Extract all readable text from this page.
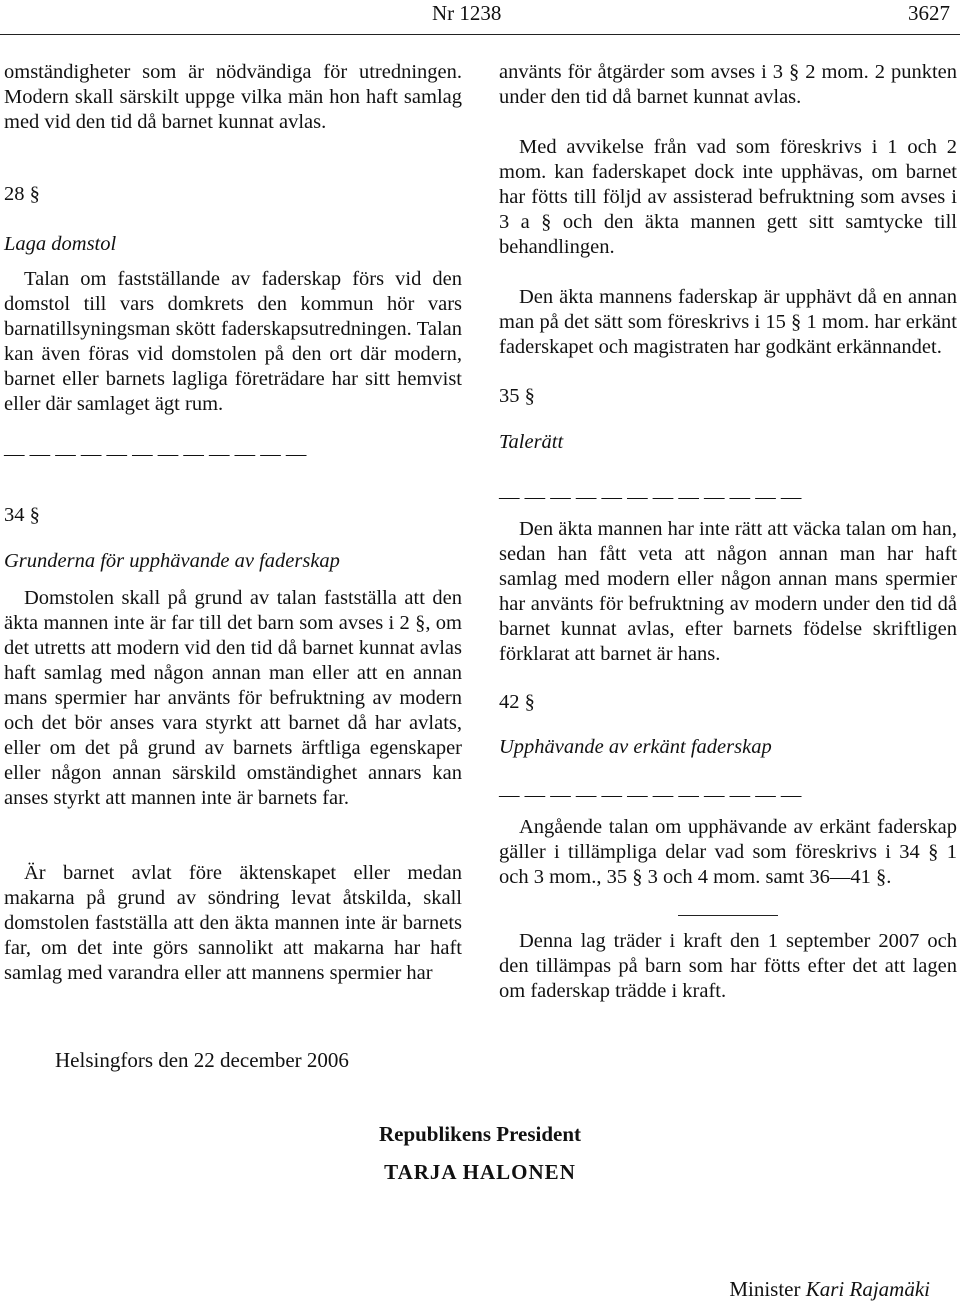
Nr 1238	3627

omständigheter som är nödvändiga för utredningen. Modern skall särskilt uppge vilka män hon haft samlag med vid den tid då barnet kunnat avlas.

28 §

Laga domstol

Talan om fastställande av faderskap förs vid den domstol till vars domkrets den kommun hör vars barnatillsyningsman skött faderskapsutredningen. Talan kan även föras vid domstolen på den ort där modern, barnet eller barnets lagliga företrädare har sitt hemvist eller där samlaget ägt rum.

— — — — — — — — — — — —

34 §

Grunderna för upphävande av faderskap

Domstolen skall på grund av talan fastställa att den äkta mannen inte är far till det barn som avses i 2 §, om det utretts att modern vid den tid då barnet kunnat avlas haft samlag med någon annan man eller att en annan mans spermier har använts för befruktning av modern och det bör anses vara styrkt att barnet då har avlats, eller om det på grund av barnets ärftliga egenskaper eller någon annan särskild omständighet annars kan anses styrkt att mannen inte är barnets far.

Är barnet avlat före äktenskapet eller medan makarna på grund av söndring levat åtskilda, skall domstolen fastställa att den äkta mannen inte är barnets far, om det inte görs sannolikt att makarna har haft samlag med varandra eller att mannens spermier har

använts för åtgärder som avses i 3 § 2 mom. 2 punkten under den tid då barnet kunnat avlas.

Med avvikelse från vad som föreskrivs i 1 och 2 mom. kan faderskapet dock inte upphävas, om barnet har fötts till följd av assisterad befruktning som avses i 3 a § och den äkta mannen gett sitt samtycke till behandlingen.

Den äkta mannens faderskap är upphävt då en annan man på det sätt som föreskrivs i 15 § 1 mom. har erkänt faderskapet och magistraten har godkänt erkännandet.

35 §

Talerätt

— — — — — — — — — — — —

Den äkta mannen har inte rätt att väcka talan om han, sedan han fått veta att någon annan man har haft samlag med modern eller någon annan mans spermier har använts för befruktning av modern under den tid då barnet kunnat avlas, efter barnets födelse skriftligen förklarat att barnet är hans.

42 §

Upphävande av erkänt faderskap

— — — — — — — — — — — —

Angående talan om upphävande av erkänt faderskap gäller i tillämpliga delar vad som föreskrivs i 34 § 1 och 3 mom., 35 § 3 och 4 mom. samt 36—41 §.

Denna lag träder i kraft den 1 september 2007 och den tillämpas på barn som har fötts efter det att lagen om faderskap trädde i kraft.

Helsingfors den 22 december 2006
Republikens President
TARJA HALONEN
Minister Kari Rajamäki
